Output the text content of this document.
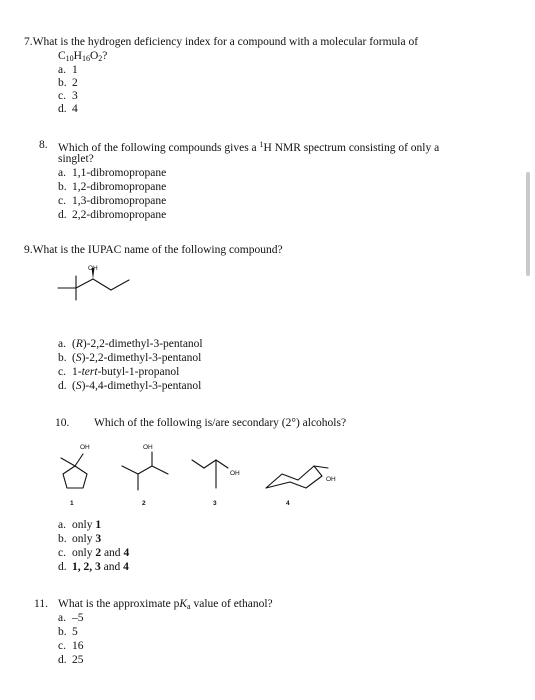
7.What is the hydrogen deficiency index for a compound with a molecular formula of
$C_{10}H_{16}O_2$?
a. 1
b. 2
c. 3
d. 4
8. Which of the following compounds gives a $^1$H NMR spectrum consisting of only a
singlet?
a. 1,1-dibromopropane
b. 1,2-dibromopropane
c. 1,3-dibromopropane
d. 2,2-dibromopropane
9.What is the IUPAC name of the following compound?
OH
a. (R)-2,2-dimethyl-3-pentanol
b. (S)-2,2-dimethyl-3-pentanol
c. 1-tert-butyl-1-propanol
d. (S)-4,4-dimethyl-3-pentanol
10. Which of the following is/are secondary (2°) alcohols?
OH
1
OH
2
OH
3
OH
4
a. only 1
b. only 3
c. only 2 and 4
d. 1, 2, 3 and 4
11. What is the approximate $pK_a$ value of ethanol?
a. –5
b. 5
c. 16
d. 25
